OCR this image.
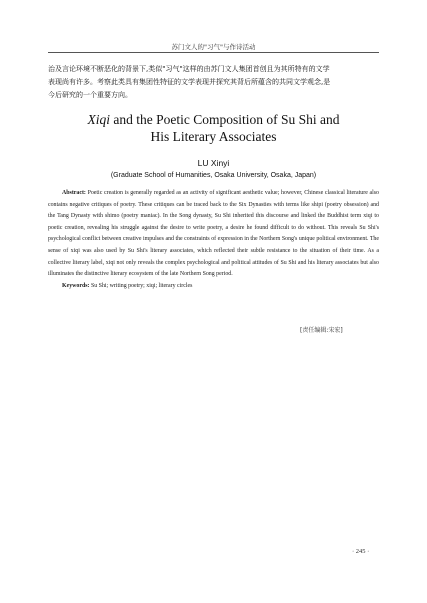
苏门文人的"习气"与作诗活动

治及言论环境不断恶化的背景下,类似"习气"这样的由苏门文人集团首创且为其所特有的文学

表现尚有许多。考察此类具有集团性特征的文学表现并探究其背后所蕴含的共同文学观念,是

今后研究的一个重要方向。

Xiqi and the Poetic Composition of Su Shi and

His Literary Associates

LU Xinyi
(Graduate School of Humanities, Osaka University, Osaka, Japan)

Abstract: Poetic creation is generally regarded as an activity of significant aesthetic value; however, Chinese classical literature also contains negative critiques of poetry. These critiques can be traced back to the Six Dynasties with terms like shipi (poetry obsession) and the Tang Dynasty with shimo (poetry maniac). In the Song dynasty, Su Shi inherited this discourse and linked the Buddhist term xiqi to poetic creation, revealing his struggle against the desire to write poetry, a desire he found difficult to do without. This reveals Su Shi's psychological conflict between creative impulses and the constraints of expression in the Northern Song's unique political environment. The sense of xiqi was also used by Su Shi's literary associates, which reflected their subtle resistance to the situation of their time. As a collective literary label, xiqi not only reveals the complex psychological and political attitudes of Su Shi and his literary associates but also illuminates the distinctive literary ecosystem of the late Northern Song period.

Keywords: Su Shi; writing poetry; xiqi; literary circles

[责任编辑:宋宏]
· 245 ·
